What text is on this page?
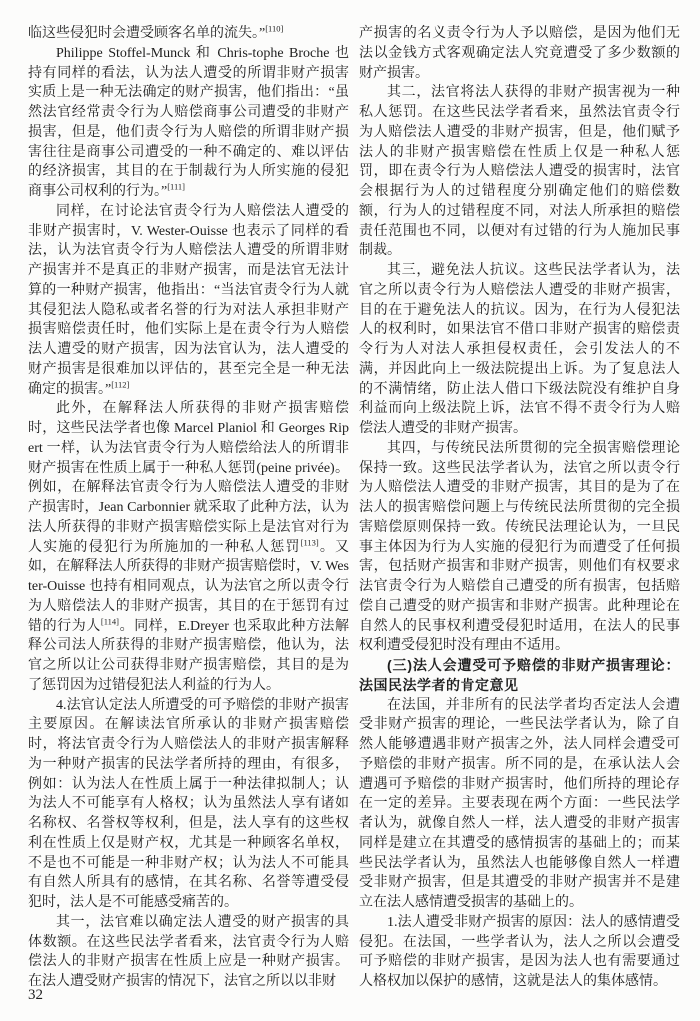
临这些侵犯时会遭受顾客名单的流失。”[110]

Philippe Stoffel-Munck 和 Chris-tophe Broche 也持有同样的看法，认为法人遭受的所谓非财产损害实质上是一种无法确定的财产损害，他们指出：“虽然法官经常责令行为人赔偿商事公司遭受的非财产损害，但是，他们责令行为人赔偿的所谓非财产损害往往是商事公司遭受的一种不确定的、难以评估的经济损害，其目的在于制裁行为人所实施的侵犯商事公司权利的行为。”[111]

同样，在讨论法官责令行为人赔偿法人遭受的非财产损害时，V. Wester-Ouisse 也表示了同样的看法，认为法官责令行为人赔偿法人遭受的所谓非财产损害并不是真正的非财产损害，而是法官无法计算的一种财产损害，他指出：“当法官责令行为人就其侵犯法人隐私或者名誉的行为对法人承担非财产损害赔偿责任时，他们实际上是在责令行为人赔偿法人遭受的财产损害，因为法官认为，法人遭受的财产损害是很难加以评估的，甚至完全是一种无法确定的损害。”[112]

此外，在解释法人所获得的非财产损害赔偿时，这些民法学者也像 Marcel Planiol 和 Georges Ripert 一样，认为法官责令行为人赔偿给法人的所谓非财产损害在性质上属于一种私人惩罚(peine privée)。例如，在解释法官责令行为人赔偿法人遭受的非财产损害时，Jean Carbonnier 就采取了此种方法，认为法人所获得的非财产损害赔偿实际上是法官对行为人实施的侵犯行为所施加的一种私人惩罚[113]。又如，在解释法人所获得的非财产损害赔偿时，V. Wester-Ouisse 也持有相同观点，认为法官之所以责令行为人赔偿法人的非财产损害，其目的在于惩罚有过错的行为人[114]。同样，E.Dreyer 也采取此种方法解释公司法人所获得的非财产损害赔偿，他认为，法官之所以让公司获得非财产损害赔偿，其目的是为了惩罚因为过错侵犯法人利益的行为人。

4.法官认定法人所遭受的可予赔偿的非财产损害主要原因。在解读法官所承认的非财产损害赔偿时，将法官责令行为人赔偿法人的非财产损害解释为一种财产损害的民法学者所持的理由，有很多，例如：认为法人在性质上属于一种法律拟制人；认为法人不可能享有人格权；认为虽然法人享有诸如名称权、名誉权等权利，但是，法人享有的这些权利在性质上仅是财产权，尤其是一种顾客名单权，不是也不可能是一种非财产权；认为法人不可能具有自然人所具有的感情，在其名称、名誉等遭受侵犯时，法人是不可能感受痛苦的。

其一，法官难以确定法人遭受的财产损害的具体数额。在这些民法学者看来，法官责令行为人赔偿法人的非财产损害在性质上应是一种财产损害。在法人遭受财产损害的情况下，法官之所以以非财

产损害的名义责令行为人予以赔偿，是因为他们无法以金钱方式客观确定法人究竟遭受了多少数额的财产损害。

其二，法官将法人获得的非财产损害视为一种私人惩罚。在这些民法学者看来，虽然法官责令行为人赔偿法人遭受的非财产损害，但是，他们赋予法人的非财产损害赔偿在性质上仅是一种私人惩罚，即在责令行为人赔偿法人遭受的损害时，法官会根据行为人的过错程度分别确定他们的赔偿数额，行为人的过错程度不同，对法人所承担的赔偿责任范围也不同，以便对有过错的行为人施加民事制裁。

其三，避免法人抗议。这些民法学者认为，法官之所以责令行为人赔偿法人遭受的非财产损害，目的在于避免法人的抗议。因为，在行为人侵犯法人的权利时，如果法官不借口非财产损害的赔偿责令行为人对法人承担侵权责任，会引发法人的不满，并因此向上一级法院提出上诉。为了复息法人的不满情绪，防止法人借口下级法院没有维护自身利益而向上级法院上诉，法官不得不责令行为人赔偿法人遭受的非财产损害。

其四，与传统民法所贯彻的完全损害赔偿理论保持一致。这些民法学者认为，法官之所以责令行为人赔偿法人遭受的非财产损害，其目的是为了在法人的损害赔偿问题上与传统民法所贯彻的完全损害赔偿原则保持一致。传统民法理论认为，一旦民事主体因为行为人实施的侵犯行为而遭受了任何损害，包括财产损害和非财产损害，则他们有权要求法官责令行为人赔偿自己遭受的所有损害，包括赔偿自己遭受的财产损害和非财产损害。此种理论在自然人的民事权利遭受侵犯时适用，在法人的民事权利遭受侵犯时没有理由不适用。

(三)法人会遭受可予赔偿的非财产损害理论：法国民法学者的肯定意见

在法国，并非所有的民法学者均否定法人会遭受非财产损害的理论，一些民法学者认为，除了自然人能够遭遇非财产损害之外，法人同样会遭受可予赔偿的非财产损害。所不同的是，在承认法人会遭遇可予赔偿的非财产损害时，他们所持的理论存在一定的差异。主要表现在两个方面：一些民法学者认为，就像自然人一样，法人遭受的非财产损害同样是建立在其遭受的感情损害的基础上的；而某些民法学者认为，虽然法人也能够像自然人一样遭受非财产损害，但是其遭受的非财产损害并不是建立在法人感情遭受损害的基础上的。

1.法人遭受非财产损害的原因：法人的感情遭受侵犯。在法国，一些学者认为，法人之所以会遭受可予赔偿的非财产损害，是因为法人也有需要通过人格权加以保护的感情，这就是法人的集体感情。

32
